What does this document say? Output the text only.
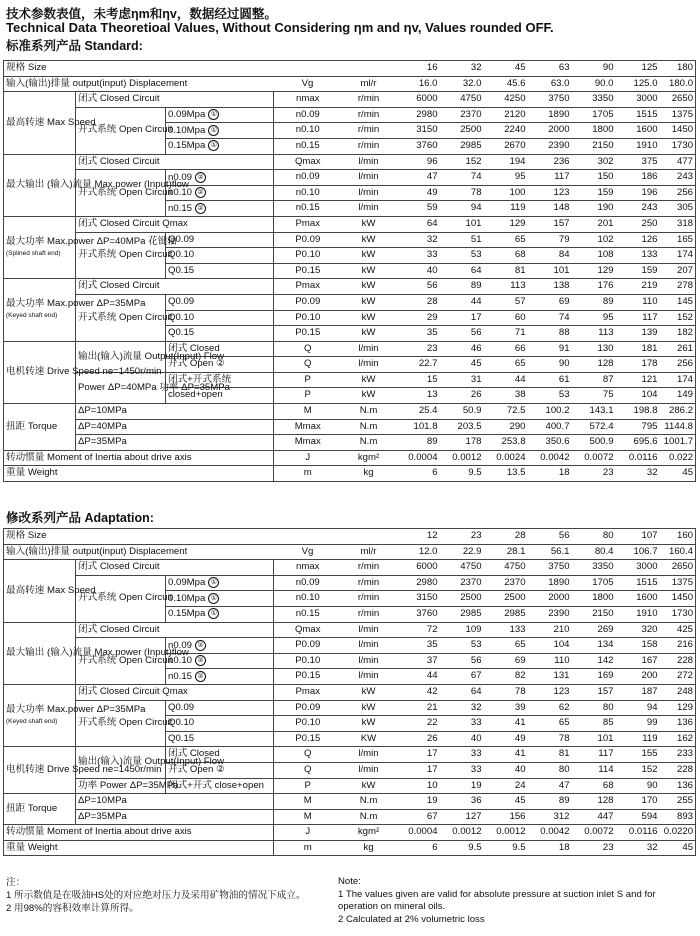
技术参数表值，未考虑ηm和ηv，数据经过圆整。
Technical Data Theoretioal Values, Without Considering ηm and ηv, Values rounded OFF.
标准系列产品 Standard:
修改系列产品 Adaptation:
规格 Size					16	32	45	63	90	125	180
输入(输出)排量 output(input) Displacement			Vg	ml/r	16.0	32.0	45.6	63.0	90.0	125.0	180.0
最高转速 Max Speed	闭式 Closed Circuit		nmax	r/min	6000	4750	4250	3750	3350	3000	2650
	开式系统 Open Circuit	0.09Mpa ①	n0.09	r/min	2980	2370	2120	1890	1705	1515	1375
		0.10Mpa ①	n0.10	r/min	3150	2500	2240	2000	1800	1600	1450
		0.15Mpa ①	n0.15	r/min	3760	2985	2670	2390	2150	1910	1730
最大输出 (输入)流量 Max.power (Input)flow	闭式 Closed Circuit		Qmax	l/min	96	152	194	236	302	375	477
	开式系统 Open Circuit	n0.09 ②	n0.09	l/min	47	74	95	117	150	186	243
		n0.10 ②	n0.10	l/min	49	78	100	123	159	196	256
		n0.15 ②	n0.15	l/min	59	94	119	148	190	243	305
最大功率 Max.power ΔP=40MPa 花键轴
(Splined shaft end)	闭式 Closed Circuit Qmax		Pmax	kW	64	101	129	157	201	250	318
	开式系统 Open Circuit	Q0.09	P0.09	kW	32	51	65	79	102	126	165
		Q0.10	P0.10	kW	33	53	68	84	108	133	174
		Q0.15	P0.15	kW	40	64	81	101	129	159	207
最大功率 Max.power ΔP=35MPa
(Keyed shaft end)	闭式 Closed Circuit		Pmax	kW	56	89	113	138	176	219	278
	开式系统 Open Circuit	Q0.09	P0.09	kW	28	44	57	69	89	110	145
		Q0.10	P0.10	kW	29	17	60	74	95	117	152
		Q0.15	P0.15	kW	35	56	71	88	113	139	182
电机转速 Drive Speed ne=1450r/min	输出(输入)流量 Output(Input) Flow	闭式 Closed	Q	l/min	23	46	66	91	130	181	261
		开式 Open ②	Q	l/min	22.7	45	65	90	128	178	256
	Power ΔP=40MPa 功率 ΔP=35MPa	闭式+开式系统	P	kW	15	31	44	61	87	121	174
		closed+open	P	kW	13	26	38	53	75	104	149
扭距 Torque	ΔP=10MPa		M	N.m	25.4	50.9	72.5	100.2	143.1	198.8	286.2
	ΔP=40MPa		Mmax	N.m	101.8	203.5	290	400.7	572.4	795	1144.8
	ΔP=35MPa		Mmax	N.m	89	178	253.8	350.6	500.9	695.6	1001.7
转动惯量 Moment of Inertia about drive axis			J	kgm²	0.0004	0.0012	0.0024	0.0042	0.0072	0.0116	0.022
重量 Weight			m	kg	6	9.5	13.5	18	23	32	45
规格 Size					12	23	28	56	80	107	160
输入(输出)排量 output(input) Displacement			Vg	ml/r	12.0	22.9	28.1	56.1	80.4	106.7	160.4
最高转速 Max Speed	闭式 Closed Circuit		nmax	r/min	6000	4750	4750	3750	3350	3000	2650
	开式系统 Open Circuit	0.09Mpa ①	n0.09	r/min	2980	2370	2370	1890	1705	1515	1375
		0.10Mpa ①	n0.10	r/min	3150	2500	2500	2000	1800	1600	1450
		0.15Mpa ①	n0.15	r/min	3760	2985	2985	2390	2150	1910	1730
最大输出 (输入)流量 Max.power (Input)flow	闭式 Closed Circuit		Qmax	l/min	72	109	133	210	269	320	425
	开式系统 Open Circuit	n0.09 ②	P0.09	l/min	35	53	65	104	134	158	216
		n0.10 ②	P0.10	l/min	37	56	69	110	142	167	228
		n0.15 ②	P0.15	l/min	44	67	82	131	169	200	272
最大功率 Max.power ΔP=35MPa
(Keyed shaft end)	闭式 Closed Circuit Qmax		Pmax	kW	42	64	78	123	157	187	248
	开式系统 Open Circuit	Q0.09	P0.09	kW	21	32	39	62	80	94	129
		Q0.10	P0.10	kW	22	33	41	65	85	99	136
		Q0.15	P0.15	KW	26	40	49	78	101	119	162
电机转速 Drive Speed ne=1450r/min	输出(输入)流量 Output(Input) Flow	闭式 Closed	Q	l/min	17	33	41	81	117	155	233
		开式 Open ②	Q	l/min	17	33	40	80	114	152	228
	功率 Power ΔP=35MPa	闭式+开式 close+open	P	kW	10	19	24	47	68	90	136
扭距 Torque	ΔP=10MPa		M	N.m	19	36	45	89	128	170	255
	ΔP=35MPa		M	N.m	67	127	156	312	447	594	893
转动惯量 Moment of Inertia about drive axis			J	kgm²	0.0004	0.0012	0.0012	0.0042	0.0072	0.0116	0.0220
重量 Weight			m	kg	6	9.5	9.5	18	23	32	45
注：
1 所示数值是在吸油HS处的对应绝对压力及采用矿物油的情况下成立。
2 用98%的容积效率计算所得。
Note:
1 The values given are valid for absolute pressure at suction inlet S and for operation on mineral oils.
2 Calculated at 2% volumetric loss
